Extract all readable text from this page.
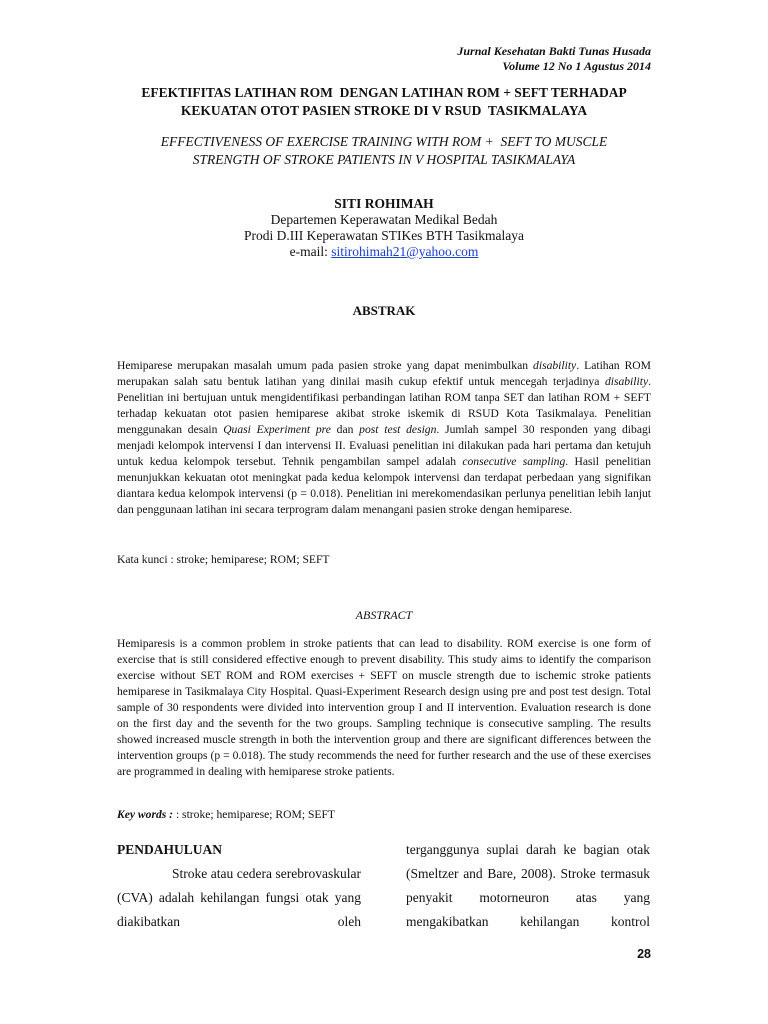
Jurnal Kesehatan Bakti Tunas Husada
Volume 12 No 1 Agustus 2014
EFEKTIFITAS LATIHAN ROM  DENGAN LATIHAN ROM + SEFT TERHADAP
KEKUATAN OTOT PASIEN STROKE DI V RSUD  TASIKMALAYA
EFFECTIVENESS OF EXERCISE TRAINING WITH ROM +  SEFT TO MUSCLE
STRENGTH OF STROKE PATIENTS IN V HOSPITAL TASIKMALAYA
SITI ROHIMAH
Departemen Keperawatan Medikal Bedah
Prodi D.III Keperawatan STIKes BTH Tasikmalaya
e-mail: sitirohimah21@yahoo.com
ABSTRAK
Hemiparese merupakan masalah umum pada pasien stroke yang dapat menimbulkan disability. Latihan ROM merupakan salah satu bentuk latihan yang dinilai masih cukup efektif untuk mencegah terjadinya disability. Penelitian ini bertujuan untuk mengidentifikasi perbandingan latihan ROM tanpa SET dan latihan ROM + SEFT terhadap kekuatan otot pasien hemiparese akibat stroke iskemik di RSUD Kota Tasikmalaya. Penelitian menggunakan desain Quasi Experiment pre dan post test design. Jumlah sampel 30 responden yang dibagi menjadi kelompok intervensi I dan intervensi II. Evaluasi penelitian ini dilakukan pada hari pertama dan ketujuh untuk kedua kelompok tersebut. Tehnik pengambilan sampel adalah consecutive sampling. Hasil penelitian menunjukkan kekuatan otot meningkat pada kedua kelompok intervensi dan terdapat perbedaan yang signifikan diantara kedua kelompok intervensi (p = 0.018). Penelitian ini merekomendasikan perlunya penelitian lebih lanjut dan penggunaan latihan ini secara terprogram dalam menangani pasien stroke dengan hemiparese.
Kata kunci : stroke; hemiparese; ROM; SEFT
ABSTRACT
Hemiparesis is a common problem in stroke patients that can lead to disability. ROM exercise is one form of exercise that is still considered effective enough to prevent disability. This study aims to identify the comparison exercise without SET ROM and ROM exercises + SEFT on muscle strength due to ischemic stroke patients hemiparese in Tasikmalaya City Hospital. Quasi-Experiment Research design using pre and post test design. Total sample of 30 respondents were divided into intervention group I and II intervention. Evaluation research is done on the first day and the seventh for the two groups. Sampling technique is consecutive sampling. The results showed increased muscle strength in both the intervention group and there are significant differences between the intervention groups (p = 0.018). The study recommends the need for further research and the use of these exercises are programmed in dealing with hemiparese stroke patients.
Key words : : stroke; hemiparese; ROM; SEFT
PENDAHULUAN
Stroke atau cedera serebrovaskular (CVA) adalah kehilangan fungsi otak yang diakibatkan oleh
terganggunya suplai darah ke bagian otak (Smeltzer and Bare, 2008). Stroke termasuk penyakit motorneuron atas yang mengakibatkan kehilangan kontrol
28
